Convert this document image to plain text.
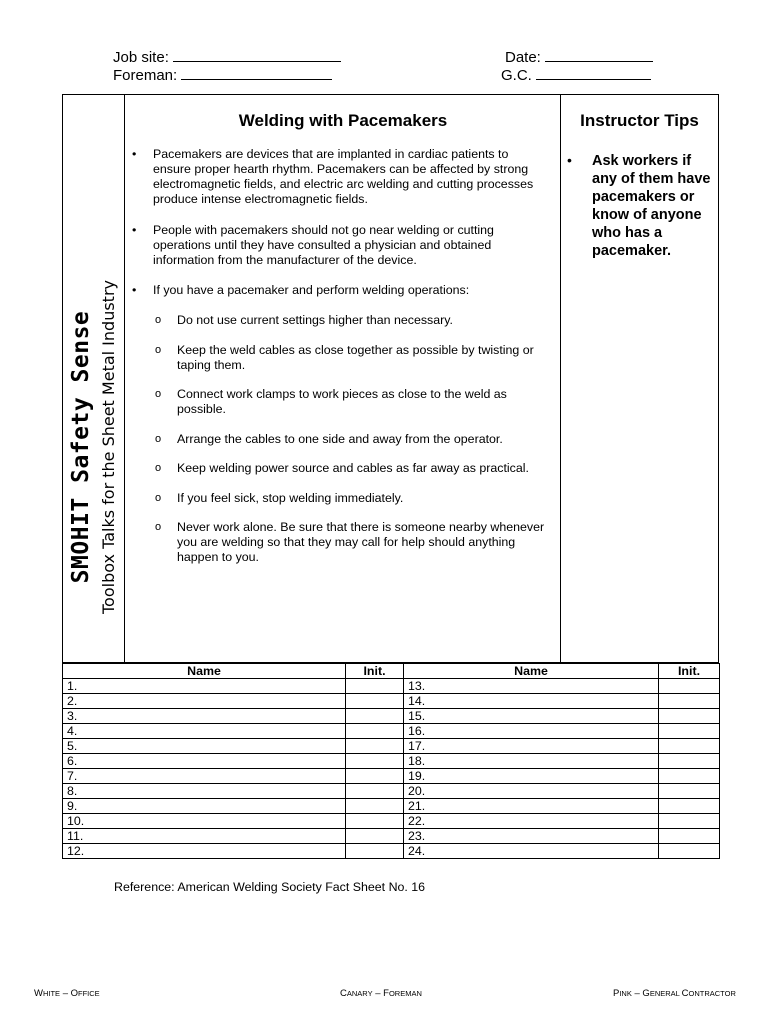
Job site:
Foreman:
Date:
G.C.
SMOHIT Safety Sense Toolbox Talks for the Sheet Metal Industry
Welding with Pacemakers
• Pacemakers are devices that are implanted in cardiac patients to ensure proper hearth rhythm. Pacemakers can be affected by strong electromagnetic fields, and electric arc welding and cutting processes produce intense electromagnetic fields.
• People with pacemakers should not go near welding or cutting operations until they have consulted a physician and obtained information from the manufacturer of the device.
• If you have a pacemaker and perform welding operations:
o Do not use current settings higher than necessary.
o Keep the weld cables as close together as possible by twisting or taping them.
o Connect work clamps to work pieces as close to the weld as possible.
o Arrange the cables to one side and away from the operator.
o Keep welding power source and cables as far away as practical.
o If you feel sick, stop welding immediately.
o Never work alone. Be sure that there is someone nearby whenever you are welding so that they may call for help should anything happen to you.
Instructor Tips
• Ask workers if any of them have pacemakers or know of anyone who has a pacemaker.
Name	Init.	Name	Init.
1.		13.	
2.		14.	
3.		15.	
4.		16.	
5.		17.	
6.		18.	
7.		19.	
8.		20.	
9.		21.	
10.		22.	
11.		23.	
12.		24.	
Reference: American Welding Society Fact Sheet No. 16
WHITE – OFFICE	CANARY – FOREMAN	PINK – GENERAL CONTRACTOR
